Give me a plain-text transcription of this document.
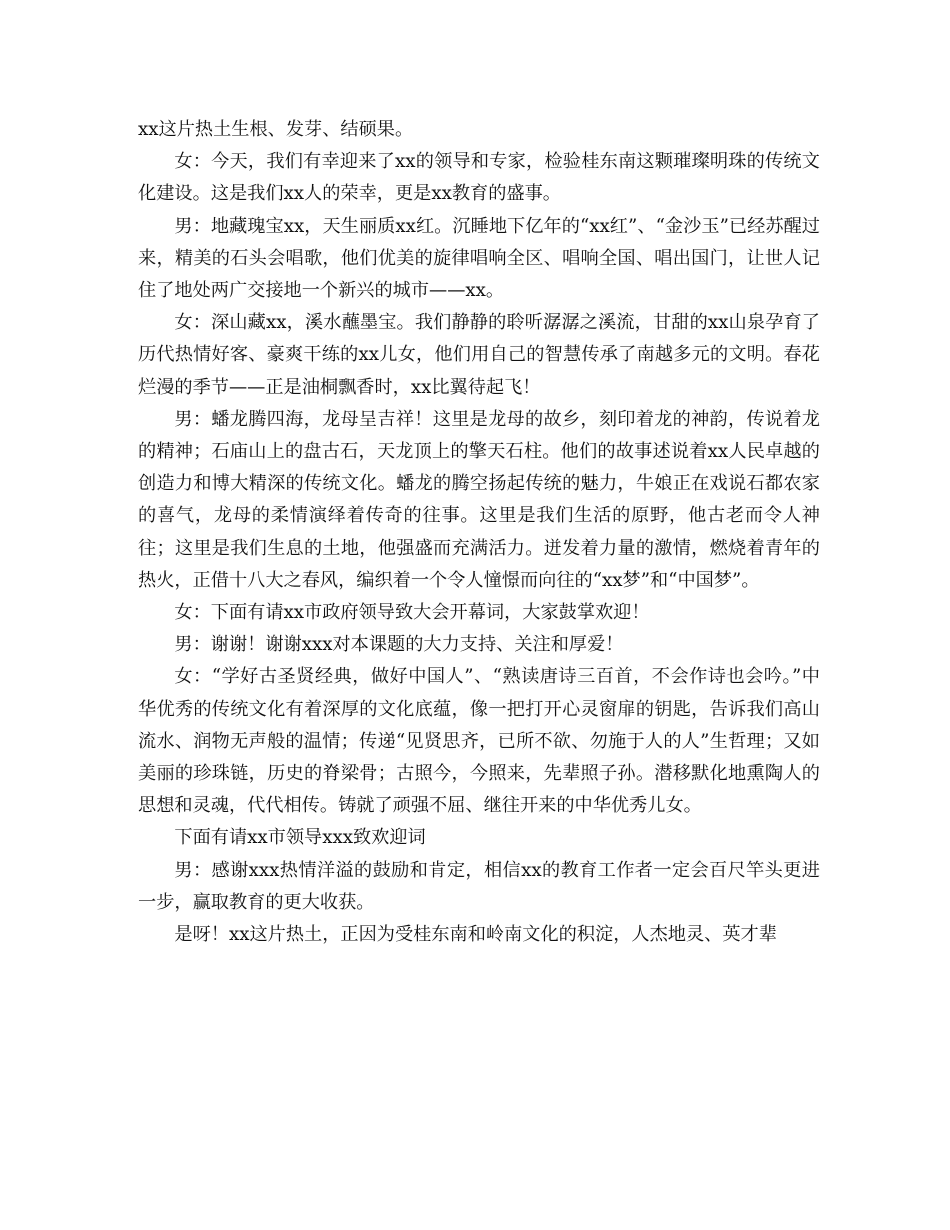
xx这片热土生根、发芽、结硕果。

女：今天，我们有幸迎来了xx的领导和专家，检验桂东南这颗璀璨明珠的传统文化建设。这是我们xx人的荣幸，更是xx教育的盛事。

男：地藏瑰宝xx，天生丽质xx红。沉睡地下亿年的“xx红”、“金沙玉”已经苏醒过来，精美的石头会唱歌，他们优美的旋律唱响全区、唱响全国、唱出国门，让世人记住了地处两广交接地一个新兴的城市——xx。

女：深山藏xx，溪水蘸墨宝。我们静静的聆听潺潺之溪流，甘甜的xx山泉孕育了历代热情好客、豪爽干练的xx儿女，他们用自己的智慧传承了南越多元的文明。春花烂漫的季节——正是油桐飘香时，xx比翼待起飞！

男：蟠龙腾四海，龙母呈吉祥！这里是龙母的故乡，刻印着龙的神韵，传说着龙的精神；石庙山上的盘古石，天龙顶上的擎天石柱。他们的故事述说着xx人民卓越的创造力和博大精深的传统文化。蟠龙的腾空扬起传统的魅力，牛娘正在戏说石都农家的喜气，龙母的柔情演绎着传奇的往事。这里是我们生活的原野，他古老而令人神往；这里是我们生息的土地，他强盛而充满活力。迸发着力量的激情，燃烧着青年的热火，正借十八大之春风，编织着一个令人憧憬而向往的“xx梦”和“中国梦”。

女：下面有请xx市政府领导致大会开幕词，大家鼓掌欢迎！

男：谢谢！谢谢xxx对本课题的大力支持、关注和厚爱！

女：“学好古圣贤经典，做好中国人”、“熟读唐诗三百首，不会作诗也会吟。”中华优秀的传统文化有着深厚的文化底蕴，像一把打开心灵窗扉的钥匙，告诉我们高山流水、润物无声般的温情；传递“见贤思齐，已所不欲、勿施于人的人”生哲理；又如美丽的珍珠链，历史的脊梁骨；古照今，今照来，先辈照子孙。潜移默化地熏陶人的思想和灵魂，代代相传。铸就了顽强不屈、继往开来的中华优秀儿女。

下面有请xx市领导xxx致欢迎词

男：感谢xxx热情洋溢的鼓励和肯定，相信xx的教育工作者一定会百尺竿头更进一步，赢取教育的更大收获。

是呀！xx这片热土，正因为受桂东南和岭南文化的积淀，人杰地灵、英才辈
